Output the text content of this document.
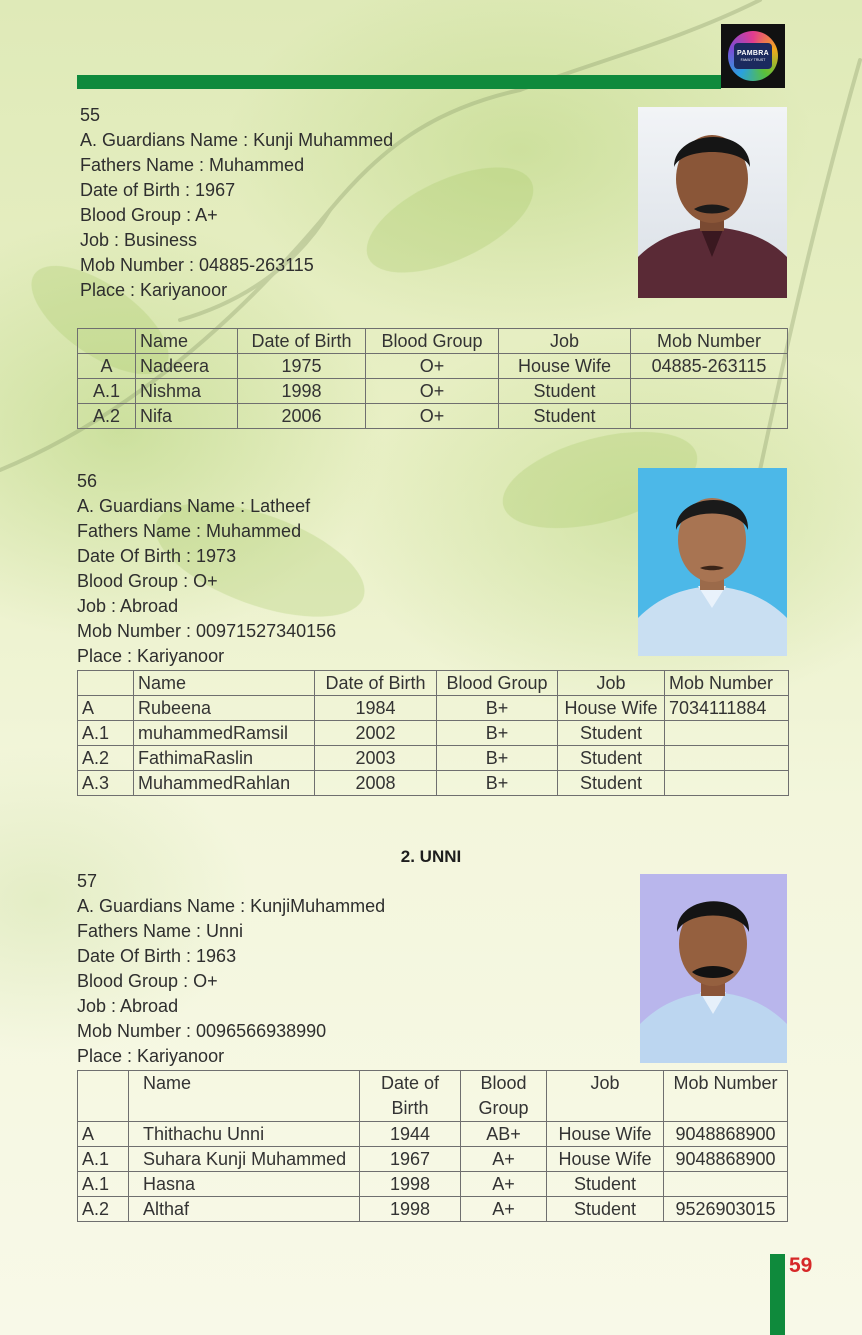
PAMBRA
FAMILY TRUST
55
A. Guardians Name : Kunji Muhammed
Fathers Name : Muhammed
Date of Birth : 1967
Blood Group : A+
Job : Business
Mob Number : 04885-263115
Place : Kariyanoor
	Name	Date of Birth	Blood Group	Job	Mob Number
A	Nadeera	1975	O+	House Wife	04885-263115
A.1	Nishma	1998	O+	Student	
A.2	Nifa	2006	O+	Student	
56
A. Guardians Name : Latheef
Fathers Name : Muhammed
Date Of Birth : 1973
Blood Group : O+
Job : Abroad
Mob Number : 00971527340156
Place : Kariyanoor
	Name	Date of Birth	Blood Group	Job	Mob Number
A	Rubeena	1984	B+	House Wife	7034111884
A.1	muhammedRamsil	2002	B+	Student	
A.2	FathimaRaslin	2003	B+	Student	
A.3	MuhammedRahlan	2008	B+	Student	
2. UNNI
57
A. Guardians Name : KunjiMuhammed
Fathers Name : Unni
Date Of Birth : 1963
Blood Group : O+
Job : Abroad
Mob Number : 0096566938990
Place : Kariyanoor
	Name	Date of Birth	Blood Group	Job	Mob Number
A	Thithachu Unni	1944	AB+	House Wife	9048868900
A.1	Suhara Kunji Muhammed	1967	A+	House Wife	9048868900
A.1	Hasna	1998	A+	Student	
A.2	Althaf	1998	A+	Student	9526903015
59
